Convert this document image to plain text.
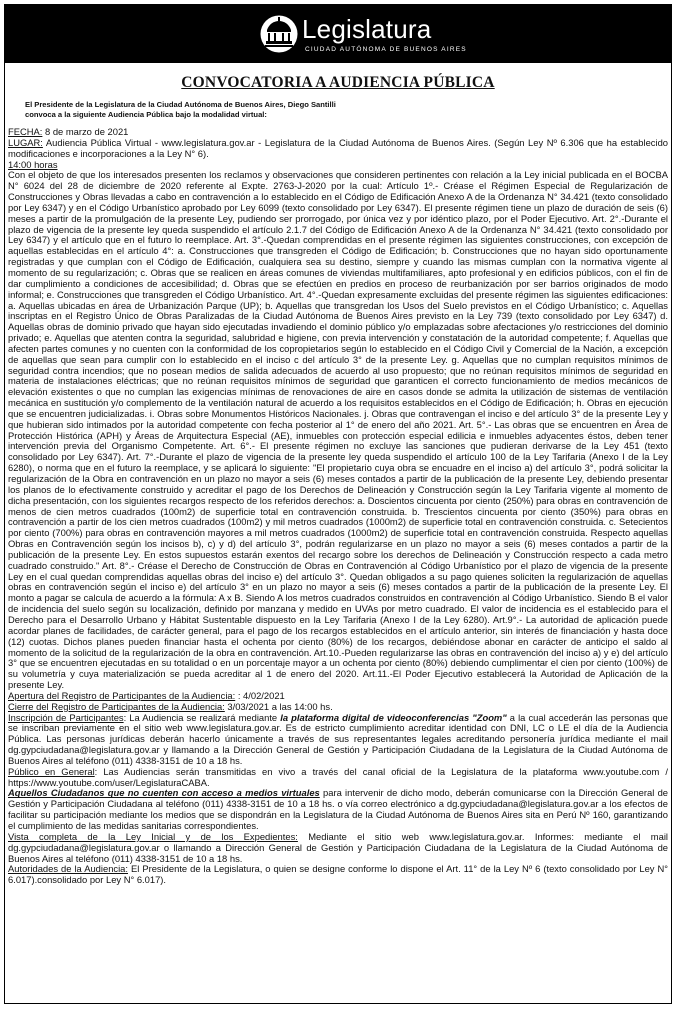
Legislatura
CIUDAD AUTÓNOMA DE BUENOS AIRES
CONVOCATORIA A AUDIENCIA PÚBLICA
El Presidente de la Legislatura de la Ciudad Autónoma de Buenos Aires, Diego Santilli
convoca a la siguiente Audiencia Pública bajo la modalidad virtual:

FECHA: 8 de marzo de 2021

LUGAR: Audiencia Pública Virtual - www.legislatura.gov.ar - Legislatura de la Ciudad Autónoma de Buenos Aires. (Según Ley Nº 6.306 que ha establecido modificaciones e incorporaciones a la Ley N° 6).

14:00 horas

Con el objeto de que los interesados presenten los reclamos y observaciones que consideren pertinentes con relación a la Ley inicial publicada en el BOCBA N° 6024 del 28 de diciembre de 2020 referente al Expte. 2763-J-2020 por la cual: Artículo 1º.- Créase el Régimen Especial de Regularización de Construcciones y Obras llevadas a cabo en contravención a lo establecido en el Código de Edificación Anexo A de la Ordenanza N° 34.421 (texto consolidado por Ley 6347) y en el Código Urbanístico aprobado por Ley 6099 (texto consolidado por Ley 6347). El presente régimen tiene un plazo de duración de seis (6) meses a partir de la promulgación de la presente Ley, pudiendo ser prorrogado, por única vez y por idéntico plazo, por el Poder Ejecutivo. Art. 2°.-Durante el plazo de vigencia de la presente ley queda suspendido el artículo 2.1.7 del Código de Edificación Anexo A de la Ordenanza N° 34.421 (texto consolidado por Ley 6347) y el artículo que en el futuro lo reemplace. Art. 3°.-Quedan comprendidas en el presente régimen las siguientes construcciones, con excepción de aquellas establecidas en el artículo 4°: a. Construcciones que transgreden el Código de Edificación; b. Construcciones que no hayan sido oportunamente registradas y que cumplan con el Código de Edificación, cualquiera sea su destino, siempre y cuando las mismas cumplan con la normativa vigente al momento de su regularización; c. Obras que se realicen en áreas comunes de viviendas multifamiliares, apto profesional y en edificios públicos, con el fin de dar cumplimiento a condiciones de accesibilidad; d. Obras que se efectúen en predios en proceso de reurbanización por ser barrios originados de modo informal; e. Construcciones que transgreden el Código Urbanístico. Art. 4°.-Quedan expresamente excluidas del presente régimen las siguientes edificaciones: a. Aquellas ubicadas en área de Urbanización Parque (UP); b. Aquellas que transgredan los Usos del Suelo previstos en el Código Urbanístico; c. Aquellas inscriptas en el Registro Único de Obras Paralizadas de la Ciudad Autónoma de Buenos Aires previsto en la Ley 739 (texto consolidado por Ley 6347) d. Aquellas obras de dominio privado que hayan sido ejecutadas invadiendo el dominio público y/o emplazadas sobre afectaciones y/o restricciones del dominio privado; e. Aquellas que atenten contra la seguridad, salubridad e higiene, con previa intervención y constatación de la autoridad competente; f. Aquellas que afecten partes comunes y no cuenten con la conformidad de los copropietarios según lo establecido en el Código Civil y Comercial de la Nación, a excepción de aquellas que sean para cumplir con lo establecido en el inciso c del artículo 3° de la presente Ley. g. Aquellas que no cumplan requisitos mínimos de seguridad contra incendios; que no posean medios de salida adecuados de acuerdo al uso propuesto; que no reúnan requisitos mínimos de seguridad en materia de instalaciones eléctricas; que no reúnan requisitos mínimos de seguridad que garanticen el correcto funcionamiento de medios mecánicos de elevación existentes o que no cumplan las exigencias mínimas de renovaciones de aire en casos donde se admita la utilización de sistemas de ventilación mecánica en sustitución y/o complemento de la ventilación natural de acuerdo a los requisitos establecidos en el Código de Edificación; h. Obras en ejecución que se encuentren judicializadas. i. Obras sobre Monumentos Históricos Nacionales. j. Obras que contravengan el inciso e del artículo 3° de la presente Ley y que hubieran sido intimados por la autoridad competente con fecha posterior al 1° de enero del año 2021. Art. 5°.- Las obras que se encuentren en Área de Protección Histórica (APH) y Áreas de Arquitectura Especial (AE), inmuebles con protección especial edilicia e inmuebles adyacentes éstos, deben tener intervención previa del Organismo Competente. Art. 6°.- El presente régimen no excluye las sanciones que pudieran derivarse de la Ley 451 (texto consolidado por Ley 6347). Art. 7°.-Durante el plazo de vigencia de la presente ley queda suspendido el artículo 100 de la Ley Tarifaria (Anexo I de la Ley 6280), o norma que en el futuro la reemplace, y se aplicará lo siguiente: "El propietario cuya obra se encuadre en el inciso a) del artículo 3°, podrá solicitar la regularización de la Obra en contravención en un plazo no mayor a seis (6) meses contados a partir de la publicación de la presente Ley, debiendo presentar los planos de lo efectivamente construido y acreditar el pago de los Derechos de Delineación y Construcción según la Ley Tarifaria vigente al momento de dicha presentación, con los siguientes recargos respecto de los referidos derechos: a. Doscientos cincuenta por ciento (250%) para obras en contravención de menos de cien metros cuadrados (100m2) de superficie total en contravención construida. b. Trescientos cincuenta por ciento (350%) para obras en contravención a partir de los cien metros cuadrados (100m2) y mil metros cuadrados (1000m2) de superficie total en contravención construida. c. Setecientos por ciento (700%) para obras en contravención mayores a mil metros cuadrados (1000m2) de superficie total en contravención construida. Respecto aquellas Obras en Contravención según los incisos b), c) y d) del artículo 3°, podrán regularizarse en un plazo no mayor a seis (6) meses contados a partir de la publicación de la presente Ley. En estos supuestos estarán exentos del recargo sobre los derechos de Delineación y Construcción respecto a cada metro cuadrado construido." Art. 8°.- Créase el Derecho de Construcción de Obras en Contravención al Código Urbanístico por el plazo de vigencia de la presente Ley en el cual quedan comprendidas aquellas obras del inciso e) del artículo 3°. Quedan obligados a su pago quienes soliciten la regularización de aquellas obras en contravención según el inciso e) del artículo 3° en un plazo no mayor a seis (6) meses contados a partir de la publicación de la presente Ley. El monto a pagar se calcula de acuerdo a la fórmula: A x B. Siendo A los metros cuadrados construidos en contravención al Código Urbanístico. Siendo B el valor de incidencia del suelo según su localización, definido por manzana y medido en UVAs por metro cuadrado. El valor de incidencia es el establecido para el Derecho para el Desarrollo Urbano y Hábitat Sustentable dispuesto en la Ley Tarifaria (Anexo I de la Ley 6280). Art.9°.- La autoridad de aplicación puede acordar planes de facilidades, de carácter general, para el pago de los recargos establecidos en el artículo anterior, sin interés de financiación y hasta doce (12) cuotas. Dichos planes pueden financiar hasta el ochenta por ciento (80%) de los recargos, debiéndose abonar en carácter de anticipo el saldo al momento de la solicitud de la regularización de la obra en contravención. Art.10.-Pueden regularizarse las obras en contravención del inciso a) y e) del artículo 3° que se encuentren ejecutadas en su totalidad o en un porcentaje mayor a un ochenta por ciento (80%) debiendo cumplimentar el cien por ciento (100%) de su volumetría y cuya materialización se pueda acreditar al 1 de enero del 2020. Art.11.-El Poder Ejecutivo establecerá la Autoridad de Aplicación de la presente Ley.

Apertura del Registro de Participantes de la Audiencia: : 4/02/2021

Cierre del Registro de Participantes de la Audiencia: 3/03/2021 a las 14:00 hs.

Inscripción de Participantes: La Audiencia se realizará mediante la plataforma digital de videoconferencias "Zoom" a la cual accederán las personas que se inscriban previamente en el sitio web www.legislatura.gov.ar. Es de estricto cumplimiento acreditar identidad con DNI, LC o LE el día de la Audiencia Pública. Las personas jurídicas deberán hacerlo únicamente a través de sus representantes legales acreditando personería jurídica mediante el mail dg.gypciudadana@legislatura.gov.ar y llamando a la Dirección General de Gestión y Participación Ciudadana de la Legislatura de la Ciudad Autónoma de Buenos Aires al teléfono (011) 4338-3151 de 10 a 18 hs.

Público en General: Las Audiencias serán transmitidas en vivo a través del canal oficial de la Legislatura de la plataforma www.youtube.com / https://www.youtube.com/user/LegislaturaCABA.

Aquellos Ciudadanos que no cuenten con acceso a medios virtuales para intervenir de dicho modo, deberán comunicarse con la Dirección General de Gestión y Participación Ciudadana al teléfono (011) 4338-3151 de 10 a 18 hs. o vía correo electrónico a dg.gypciudadana@legislatura.gov.ar a los efectos de facilitar su participación mediante los medios que se dispondrán en la Legislatura de la Ciudad Autónoma de Buenos Aires sita en Perú Nº 160, garantizando el cumplimiento de las medidas sanitarias correspondientes.

Vista completa de la Ley Inicial y de los Expedientes: Mediante el sitio web www.legislatura.gov.ar. Informes: mediante el mail dg.gypciudadana@legislatura.gov.ar o llamando a Dirección General de Gestión y Participación Ciudadana de la Legislatura de la Ciudad Autónoma de Buenos Aires al teléfono (011) 4338-3151 de 10 a 18 hs.

Autoridades de la Audiencia: El Presidente de la Legislatura, o quien se designe conforme lo dispone el Art. 11° de la Ley Nº 6 (texto consolidado por Ley N° 6.017).consolidado por Ley N° 6.017).
